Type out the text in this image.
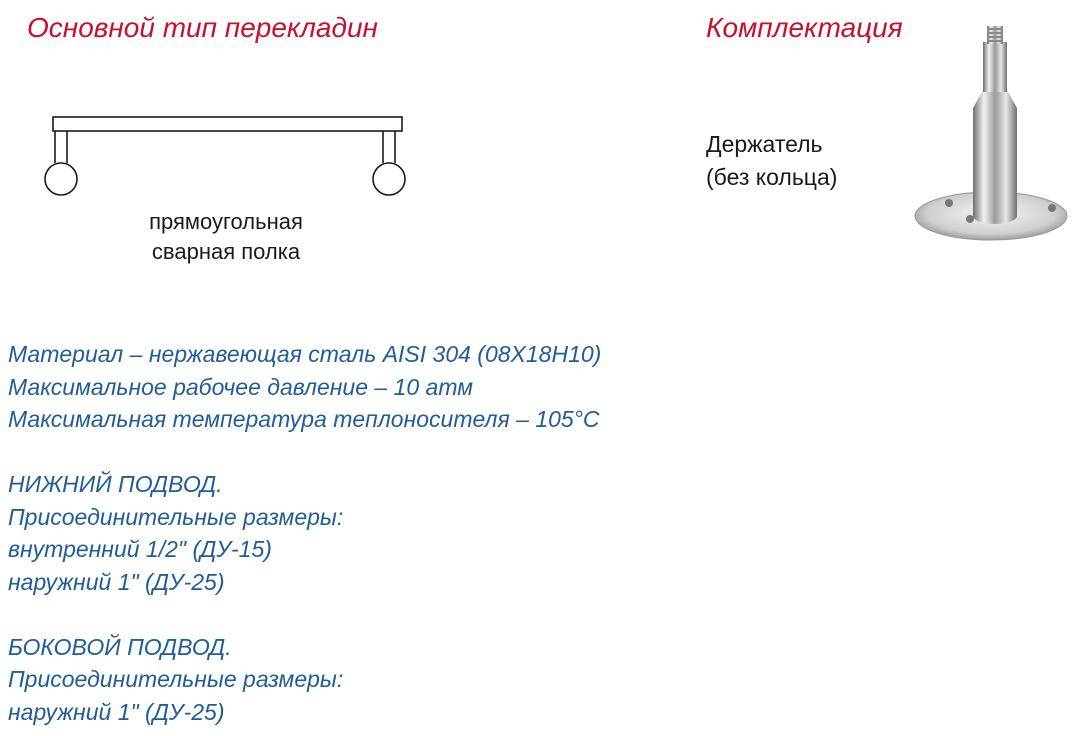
Основной тип перекладин	Комплектация
прямоугольная
сварная полка
Держатель
(без кольца)
Материал – нержавеющая сталь AISI 304 (08Х18Н10)
Максимальное рабочее давление – 10 атм
Максимальная температура теплоносителя – 105°С
НИЖНИЙ ПОДВОД.
Присоединительные размеры:
внутренний 1/2" (ДУ-15)
наружний 1" (ДУ-25)
БОКОВОЙ ПОДВОД.
Присоединительные размеры:
наружний 1" (ДУ-25)
